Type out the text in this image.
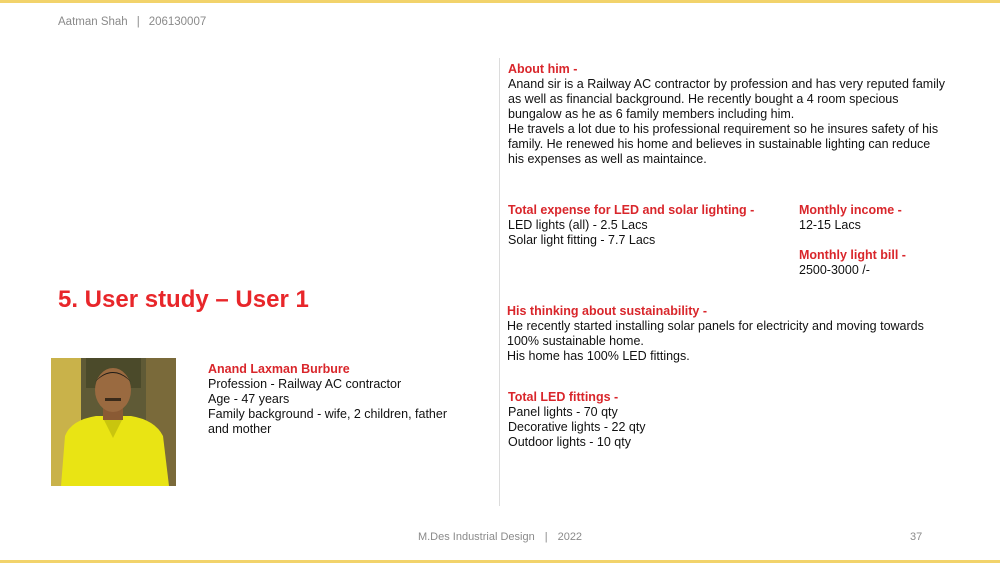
Aatman Shah | 206130007
About him -

Anand sir is a Railway AC contractor by profession and has very reputed family as well as financial background. He recently bought a 4 room specious bungalow as he as 6 family members including him.

He travels a lot due to his professional requirement so he insures safety of his family. He renewed his home and believes in sustainable lighting can reduce his expenses as well as maintaince.

Total expense for LED and solar lighting -
LED lights (all) - 2.5 Lacs
Solar light fitting - 7.7 Lacs
Monthly income -
12-15 Lacs
Monthly light bill -
2500-3000 /-
5. User study – User 1	His thinking about sustainability -

He recently started installing solar panels for electricity and moving towards 100% sustainable home.

His home has 100% LED fittings.

Anand Laxman Burbure
Profession - Railway AC contractor
Age - 47 years
Family background - wife, 2 children, father and mother
Total LED fittings -
Panel lights - 70 qty
Decorative lights - 22 qty
Outdoor lights - 10 qty
M.Des Industrial Design | 2022	37
